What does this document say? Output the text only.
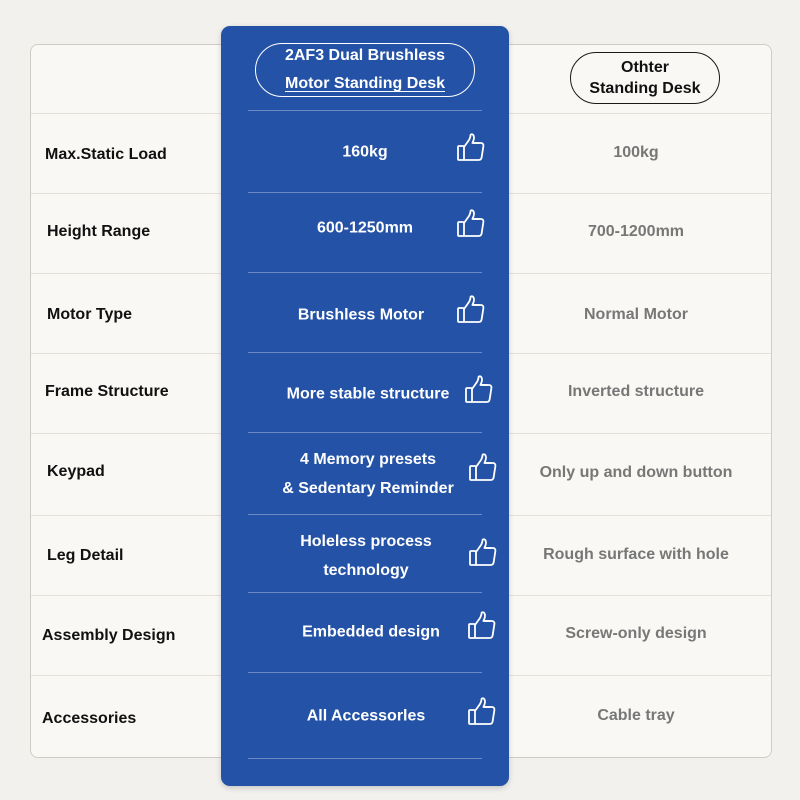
Max.Static Load
Height Range
Motor Type
Frame Structure
Keypad
Leg Detail
Assembly Design
Accessories
Othter
Standing Desk
100kg
700-1200mm
Normal Motor
Inverted structure
Only up and down button
Rough surface with hole
Screw-only design
Cable tray
2AF3 Dual Brushless
Motor Standing Desk
160kg
600-1250mm
Brushless Motor
More stable structure
4 Memory presets
& Sedentary Reminder
Holeless process
technology
Embedded design
All Accessorles
